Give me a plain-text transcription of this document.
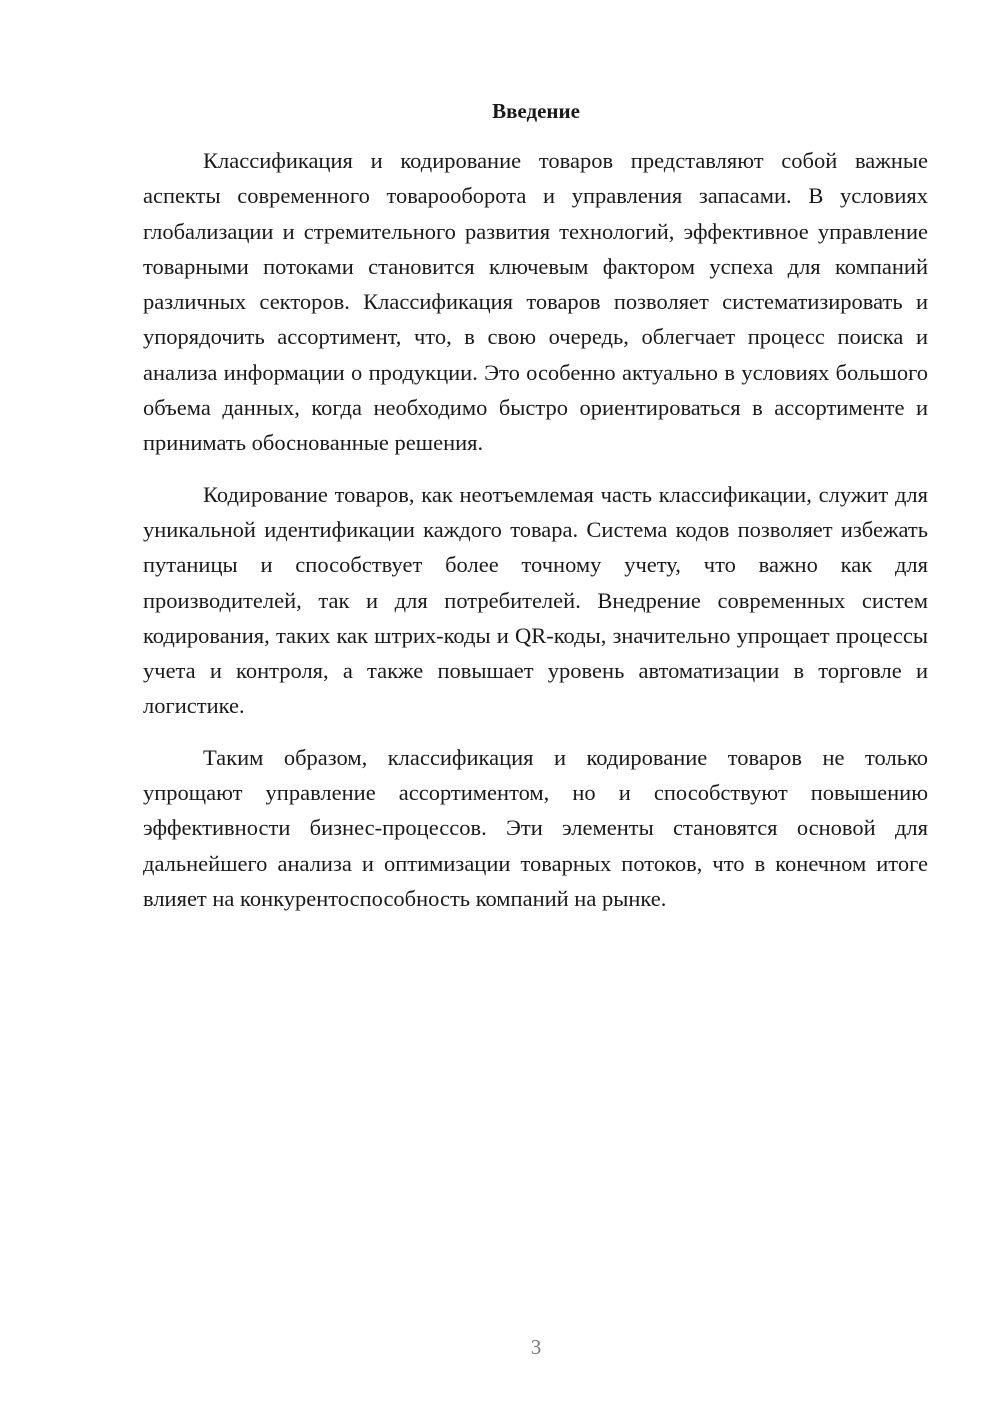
Введение

Классификация и кодирование товаров представляют собой важные аспекты современного товарооборота и управления запасами. В условиях глобализации и стремительного развития технологий, эффективное управление товарными потоками становится ключевым фактором успеха для компаний различных секторов. Классификация товаров позволяет систематизировать и упорядочить ассортимент, что, в свою очередь, облегчает процесс поиска и анализа информации о продукции. Это особенно актуально в условиях большого объема данных, когда необходимо быстро ориентироваться в ассортименте и принимать обоснованные решения.

Кодирование товаров, как неотъемлемая часть классификации, служит для уникальной идентификации каждого товара. Система кодов позволяет избежать путаницы и способствует более точному учету, что важно как для производителей, так и для потребителей. Внедрение современных систем кодирования, таких как штрих-коды и QR-коды, значительно упрощает процессы учета и контроля, а также повышает уровень автоматизации в торговле и логистике.

Таким образом, классификация и кодирование товаров не только упрощают управление ассортиментом, но и способствуют повышению эффективности бизнес-процессов. Эти элементы становятся основой для дальнейшего анализа и оптимизации товарных потоков, что в конечном итоге влияет на конкурентоспособность компаний на рынке.

3
